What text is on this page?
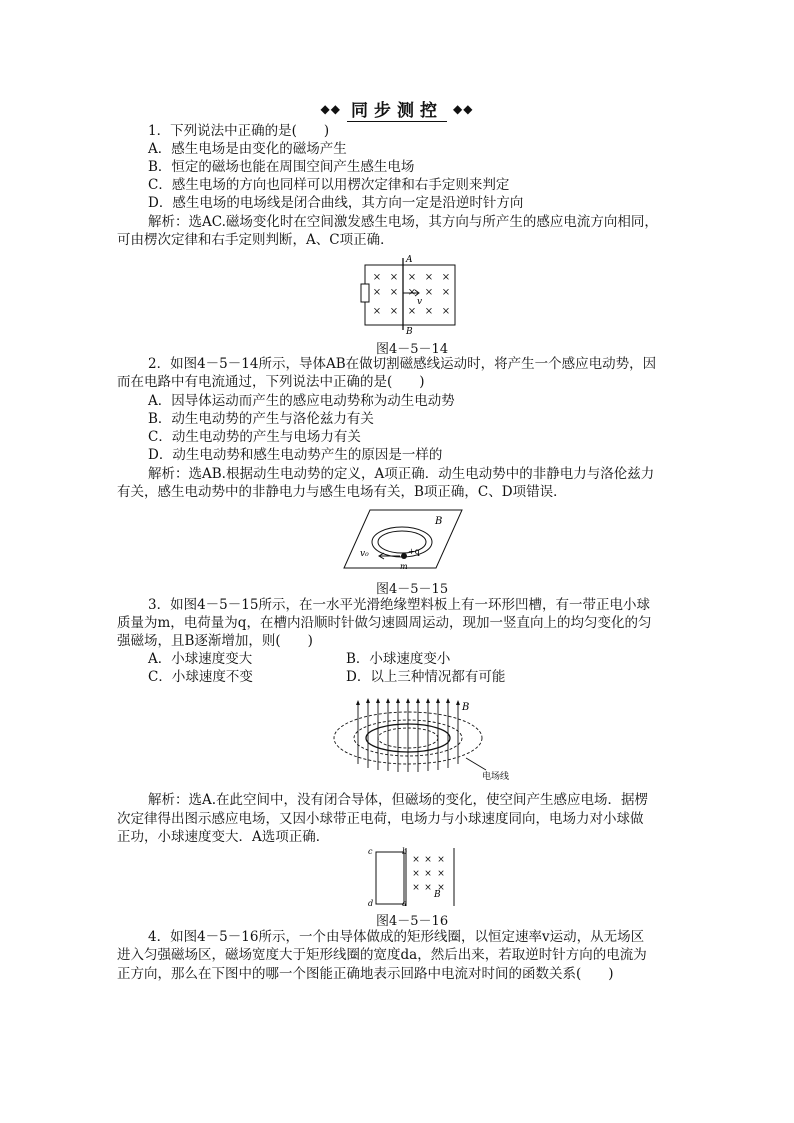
◆◆ 同步测控 ◆◆
1．下列说法中正确的是(　　)
A．感生电场是由变化的磁场产生
B．恒定的磁场也能在周围空间产生感生电场
C．感生电场的方向也同样可以用楞次定律和右手定则来判定
D．感生电场的电场线是闭合曲线，其方向一定是沿逆时针方向
解析：选AC.磁场变化时在空间激发感生电场，其方向与所产生的感应电流方向相同，
可由楞次定律和右手定则判断，A、C项正确．
× × × × ×
× × × × ×
× × × × ×
A
B
v
图4－5－14
2．如图4－5－14所示，导体AB在做切割磁感线运动时，将产生一个感应电动势，因
而在电路中有电流通过，下列说法中正确的是(　　)
A．因导体运动而产生的感应电动势称为动生电动势
B．动生电动势的产生与洛伦兹力有关
C．动生电动势的产生与电场力有关
D．动生电动势和感生电动势产生的原因是一样的
解析：选AB.根据动生电动势的定义，A项正确．动生电动势中的非静电力与洛伦兹力
有关，感生电动势中的非静电力与感生电场有关，B项正确，C、D项错误．
B
v₀	+q
m
图4－5－15
3．如图4－5－15所示，在一水平光滑绝缘塑料板上有一环形凹槽，有一带正电小球
质量为m，电荷量为q，在槽内沿顺时针做匀速圆周运动，现加一竖直向上的均匀变化的匀
强磁场，且B逐渐增加，则(　　)
A．小球速度变大	B．小球速度变小
C．小球速度不变	D．以上三种情况都有可能
B
电场线
解析：选A.在此空间中，没有闭合导体，但磁场的变化，使空间产生感应电场．据楞
次定律得出图示感应电场，又因小球带正电荷，电场力与小球速度同向，电场力对小球做
正功，小球速度变大．A选项正确．
× × ×
× × ×
× × ×
c	b
d	a
B
图4－5－16
4．如图4－5－16所示，一个由导体做成的矩形线圈，以恒定速率v运动，从无场区
进入匀强磁场区，磁场宽度大于矩形线圈的宽度da，然后出来，若取逆时针方向的电流为
正方向，那么在下图中的哪一个图能正确地表示回路中电流对时间的函数关系(　　)
